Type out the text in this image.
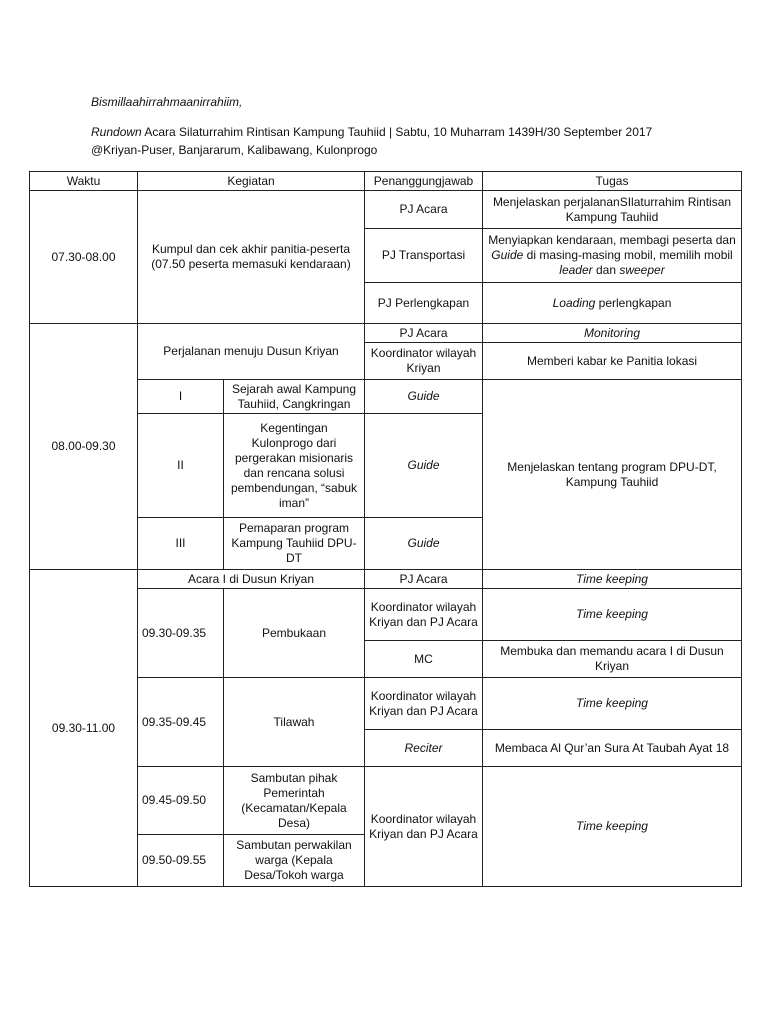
Bismillaahirrahmaanirrahiim,

Rundown Acara Silaturrahim Rintisan Kampung Tauhiid | Sabtu, 10 Muharram 1439H/30 September 2017 @Kriyan-Puser, Banjararum, Kalibawang, Kulonprogo

Waktu	Kegiatan		Penanggungjawab	Tugas
07.30-08.00	Kumpul dan cek akhir panitia-peserta (07.50 peserta memasuki kendaraan)		PJ Acara	Menjelaskan perjalananSIlaturrahim Rintisan Kampung Tauhiid
			PJ Transportasi	Menyiapkan kendaraan, membagi peserta dan Guide di masing-masing mobil, memilih mobil leader dan sweeper
			PJ Perlengkapan	Loading perlengkapan
08.00-09.30	Perjalanan menuju Dusun Kriyan		PJ Acara	Monitoring
			Koordinator wilayah Kriyan	Memberi kabar ke Panitia lokasi
	I	Sejarah awal Kampung Tauhiid, Cangkringan	Guide	Menjelaskan tentang program DPU-DT, Kampung Tauhiid
	II	Kegentingan Kulonprogo dari pergerakan misionaris dan rencana solusi pembendungan, “sabuk iman”	Guide	
	III	Pemaparan program Kampung Tauhiid DPU-DT	Guide	
09.30-11.00	Acara I di Dusun Kriyan		PJ Acara	Time keeping
	09.30-09.35	Pembukaan	Koordinator wilayah Kriyan dan PJ Acara	Time keeping
			MC	Membuka dan memandu acara I di Dusun Kriyan
	09.35-09.45	Tilawah	Koordinator wilayah Kriyan dan PJ Acara	Time keeping
			Reciter	Membaca Al Qur’an Sura At Taubah Ayat 18
	09.45-09.50	Sambutan pihak Pemerintah (Kecamatan/Kepala Desa)	Koordinator wilayah Kriyan dan PJ Acara	Time keeping
	09.50-09.55	Sambutan perwakilan warga (Kepala Desa/Tokoh warga		
